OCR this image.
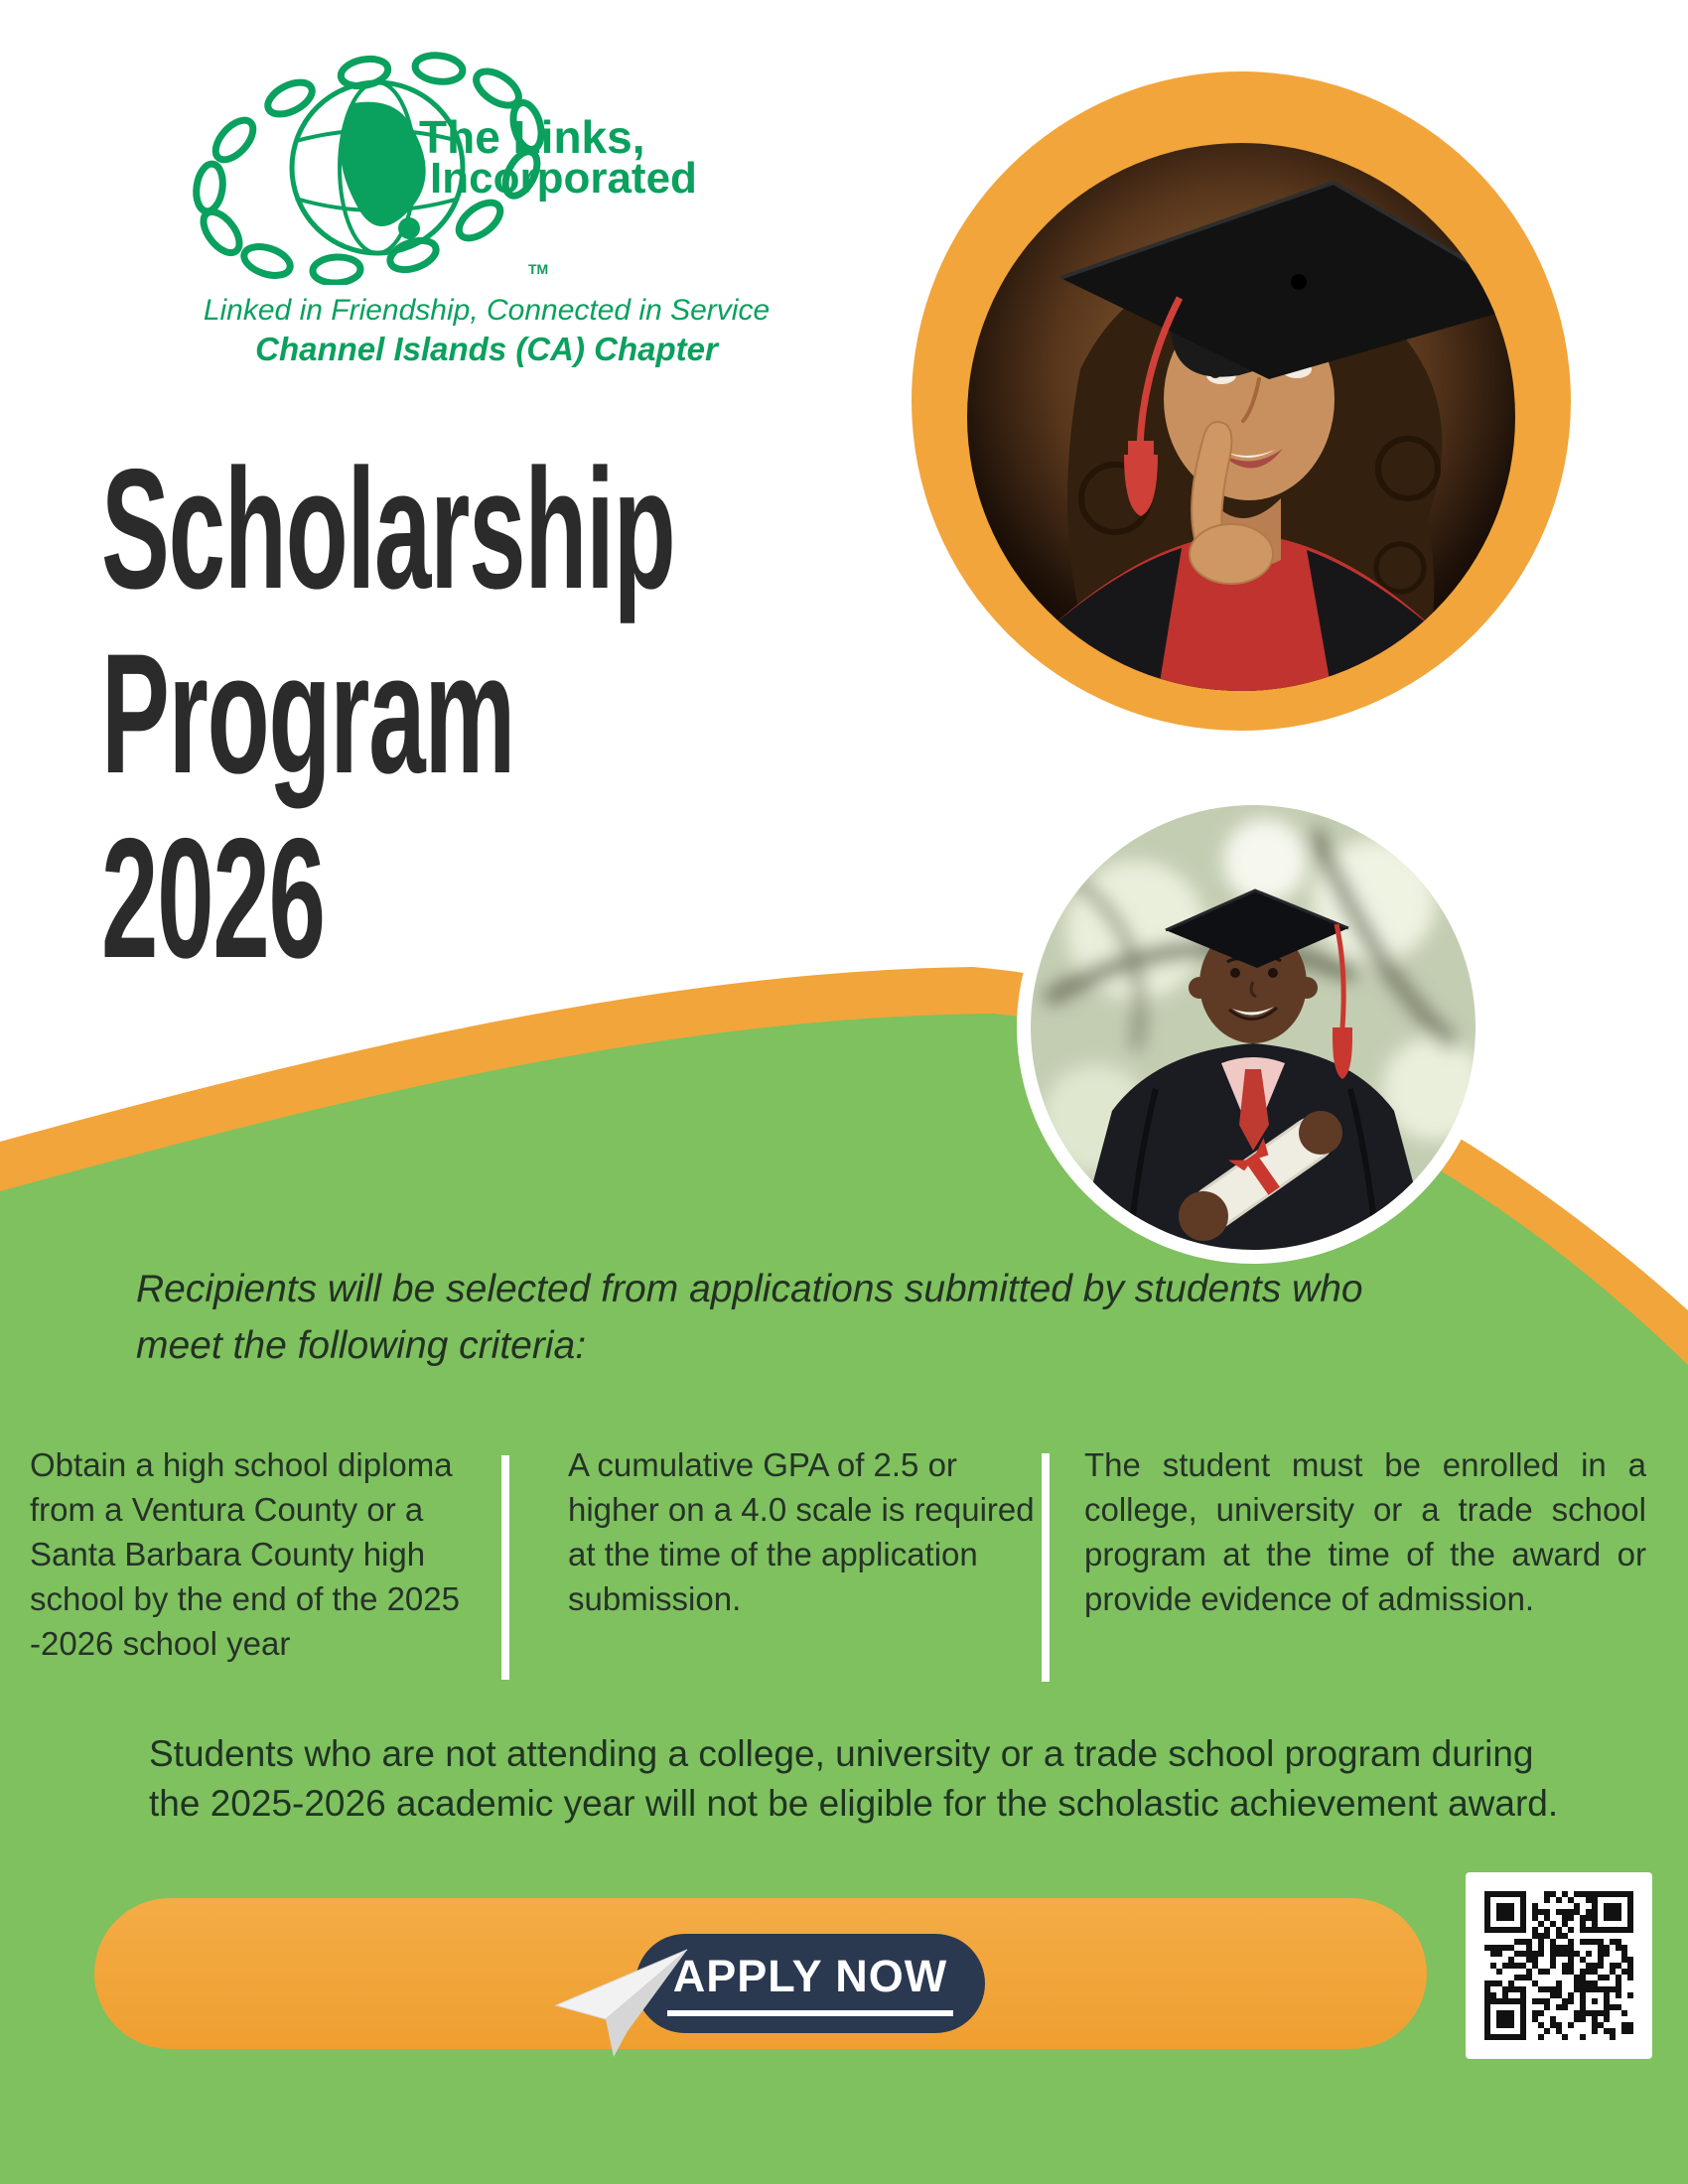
The Links,
Incorporated
TM
Linked in Friendship, Connected in Service
Channel Islands (CA) Chapter
Scholarship
Program
2026
Recipients will be selected from applications submitted by students who meet the following criteria:
Obtain a high school diploma from a Ventura County or a Santa Barbara County high school by the end of the 2025 -2026 school year
A cumulative GPA of 2.5 or higher on a 4.0 scale is required at the time of the application submission.
The student must be enrolled in a college, university or a trade school program at the time of the award or provide evidence of admission.
Students who are not attending a college, university or a trade school program during the 2025-2026 academic year will not be eligible for the scholastic achievement award.
APPLY NOW
